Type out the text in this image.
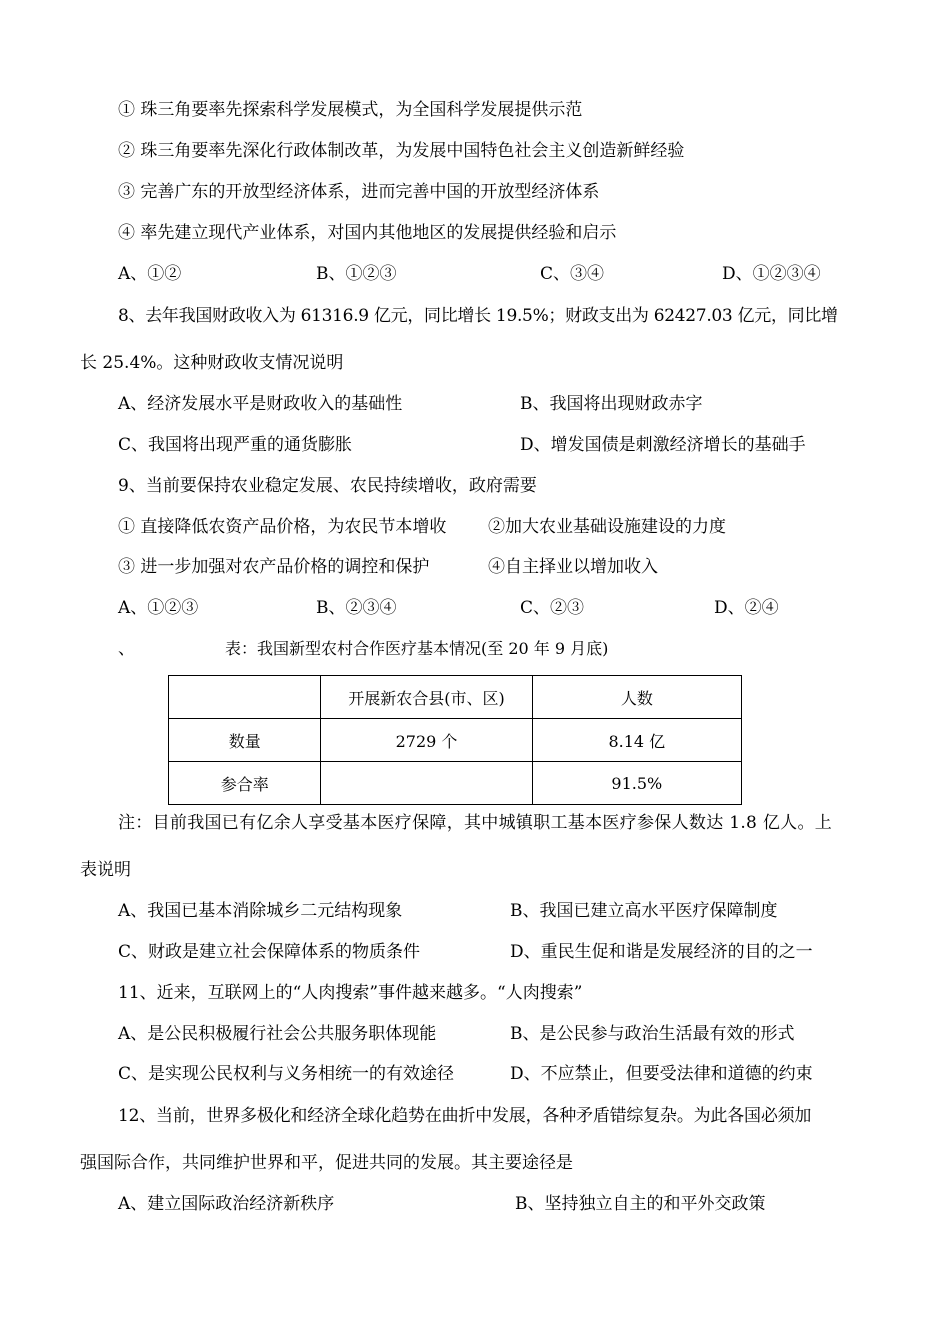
① 珠三角要率先探索科学发展模式，为全国科学发展提供示范
② 珠三角要率先深化行政体制改革，为发展中国特色社会主义创造新鲜经验
③ 完善广东的开放型经济体系，进而完善中国的开放型经济体系
④ 率先建立现代产业体系，对国内其他地区的发展提供经验和启示
A、①②	B、①②③	C、③④	D、①②③④
8、去年我国财政收入为 61316.9 亿元，同比增长 19.5%；财政支出为 62427.03 亿元，同比增
长 25.4%。这种财政收支情况说明
A、经济发展水平是财政收入的基础性	B、我国将出现财政赤字
C、我国将出现严重的通货膨胀	D、增发国债是刺激经济增长的基础手
9、当前要保持农业稳定发展、农民持续增收，政府需要
① 直接降低农资产品价格，为农民节本增收 ②加大农业基础设施建设的力度
③ 进一步加强对农产品价格的调控和保护	④自主择业以增加收入
A、①②③	B、②③④	C、②③	D、②④
、	表：我国新型农村合作医疗基本情况(至 20 年 9 月底)
	开展新农合县(市、区)	人数
数量	2729 个	8.14 亿
参合率		91.5%
注：目前我国已有亿余人享受基本医疗保障，其中城镇职工基本医疗参保人数达 1.8 亿人。上
表说明
A、我国已基本消除城乡二元结构现象	B、我国已建立高水平医疗保障制度
C、财政是建立社会保障体系的物质条件	D、重民生促和谐是发展经济的目的之一
11、近来，互联网上的“人肉搜索”事件越来越多。“人肉搜索”
A、是公民积极履行社会公共服务职体现能	B、是公民参与政治生活最有效的形式
C、是实现公民权利与义务相统一的有效途径	D、不应禁止，但要受法律和道德的约束
12、当前，世界多极化和经济全球化趋势在曲折中发展，各种矛盾错综复杂。为此各国必须加
强国际合作，共同维护世界和平，促进共同的发展。其主要途径是
A、建立国际政治经济新秩序	B、坚持独立自主的和平外交政策
